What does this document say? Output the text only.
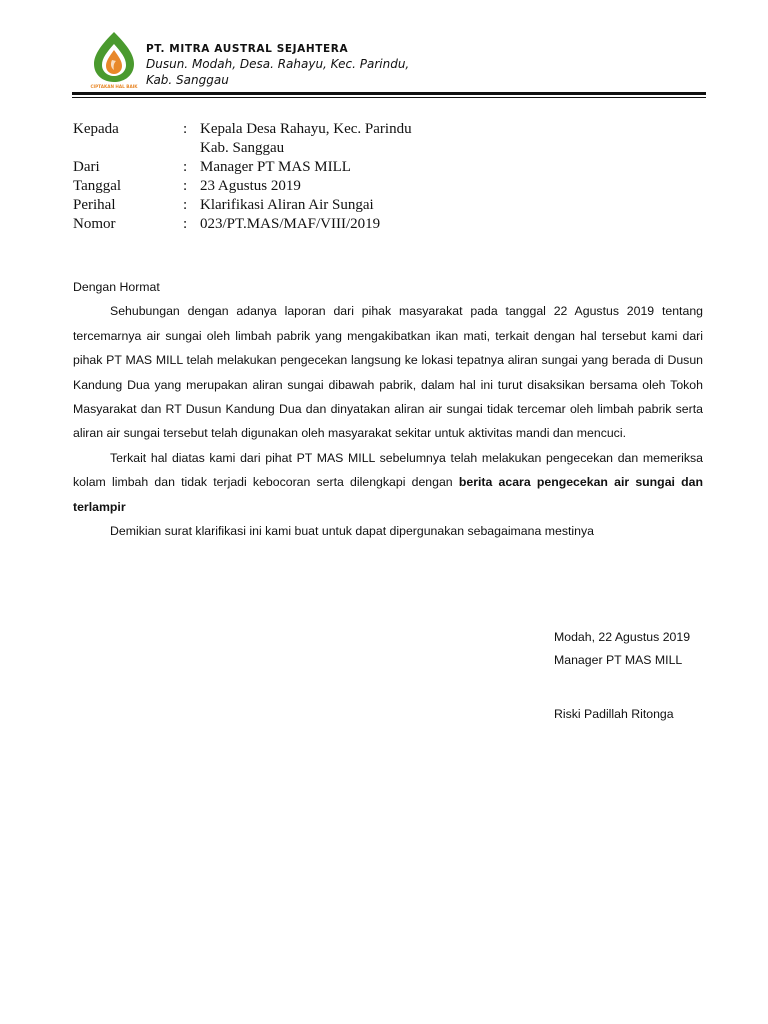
CIPTAKAN HAL BAIK
PT. MITRA AUSTRAL SEJAHTERA
Dusun. Modah, Desa. Rahayu, Kec. Parindu,
Kab. Sanggau
Kepada	: Kepala Desa Rahayu, Kec. Parindu
Kab. Sanggau
Dari	: Manager PT MAS MILL
Tanggal	: 23 Agustus 2019
Perihal	: Klarifikasi Aliran Air Sungai
Nomor	: 023/PT.MAS/MAF/VIII/2019

Dengan Hormat

Sehubungan dengan adanya laporan dari pihak masyarakat pada tanggal 22 Agustus 2019 tentang tercemarnya air sungai oleh limbah pabrik yang mengakibatkan ikan mati, terkait dengan hal tersebut kami dari pihak PT MAS MILL telah melakukan pengecekan langsung ke lokasi tepatnya aliran sungai yang berada di Dusun Kandung Dua yang merupakan aliran sungai dibawah pabrik, dalam hal ini turut disaksikan bersama oleh Tokoh Masyarakat dan RT Dusun Kandung Dua dan dinyatakan aliran air sungai tidak tercemar oleh limbah pabrik serta aliran air sungai tersebut telah digunakan oleh masyarakat sekitar untuk aktivitas mandi dan mencuci.

Terkait hal diatas kami dari pihat PT MAS MILL sebelumnya telah melakukan pengecekan dan memeriksa kolam limbah dan tidak terjadi kebocoran serta dilengkapi dengan berita acara pengecekan air sungai dan terlampir

Demikian surat klarifikasi ini kami buat untuk dapat dipergunakan sebagaimana mestinya

Modah, 22 Agustus 2019
Manager PT MAS MILL
Riski Padillah Ritonga
